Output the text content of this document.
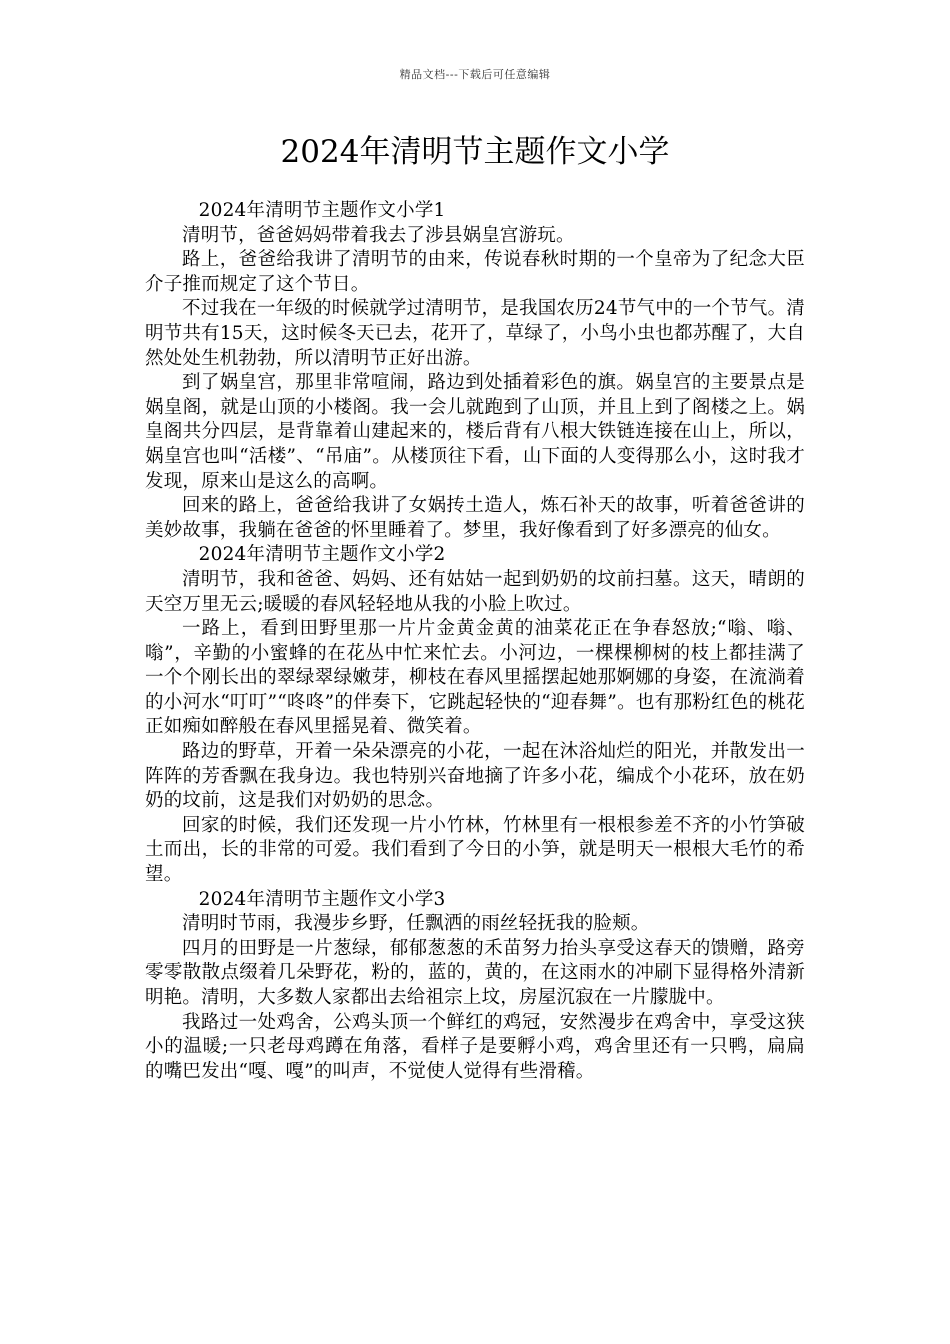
精品文档---下载后可任意编辑
2024年清明节主题作文小学

2024年清明节主题作文小学1

清明节，爸爸妈妈带着我去了涉县娲皇宫游玩。

路上，爸爸给我讲了清明节的由来，传说春秋时期的一个皇帝为了纪念大臣介子推而规定了这个节日。

不过我在一年级的时候就学过清明节，是我国农历24节气中的一个节气。清明节共有15天，这时候冬天已去，花开了，草绿了，小鸟小虫也都苏醒了，大自然处处生机勃勃，所以清明节正好出游。

到了娲皇宫，那里非常喧闹，路边到处插着彩色的旗。娲皇宫的主要景点是娲皇阁，就是山顶的小楼阁。我一会儿就跑到了山顶，并且上到了阁楼之上。娲皇阁共分四层，是背靠着山建起来的，楼后背有八根大铁链连接在山上，所以，娲皇宫也叫“活楼”、“吊庙”。从楼顶往下看，山下面的人变得那么小，这时我才发现，原来山是这么的高啊。

回来的路上，爸爸给我讲了女娲抟土造人，炼石补天的故事，听着爸爸讲的美妙故事，我躺在爸爸的怀里睡着了。梦里，我好像看到了好多漂亮的仙女。

2024年清明节主题作文小学2

清明节，我和爸爸、妈妈、还有姑姑一起到奶奶的坟前扫墓。这天，晴朗的天空万里无云;暖暖的春风轻轻地从我的小脸上吹过。

一路上，看到田野里那一片片金黄金黄的油菜花正在争春怒放;“嗡、嗡、嗡”，辛勤的小蜜蜂的在花丛中忙来忙去。小河边，一棵棵柳树的枝上都挂满了一个个刚长出的翠绿翠绿嫩芽，柳枝在春风里摇摆起她那婀娜的身姿，在流淌着的小河水“叮叮”“咚咚”的伴奏下，它跳起轻快的“迎春舞”。也有那粉红色的桃花正如痴如醉般在春风里摇晃着、微笑着。

路边的野草，开着一朵朵漂亮的小花，一起在沐浴灿烂的阳光，并散发出一阵阵的芳香飘在我身边。我也特别兴奋地摘了许多小花，编成个小花环，放在奶奶的坟前，这是我们对奶奶的思念。

回家的时候，我们还发现一片小竹林，竹林里有一根根参差不齐的小竹笋破土而出，长的非常的可爱。我们看到了今日的小笋，就是明天一根根大毛竹的希望。

2024年清明节主题作文小学3

清明时节雨，我漫步乡野，任飘洒的雨丝轻抚我的脸颊。

四月的田野是一片葱绿，郁郁葱葱的禾苗努力抬头享受这春天的馈赠，路旁零零散散点缀着几朵野花，粉的，蓝的，黄的，在这雨水的冲刷下显得格外清新明艳。清明，大多数人家都出去给祖宗上坟，房屋沉寂在一片朦胧中。

我路过一处鸡舍，公鸡头顶一个鲜红的鸡冠，安然漫步在鸡舍中，享受这狭小的温暖;一只老母鸡蹲在角落，看样子是要孵小鸡，鸡舍里还有一只鸭，扁扁的嘴巴发出“嘎、嘎”的叫声，不觉使人觉得有些滑稽。
